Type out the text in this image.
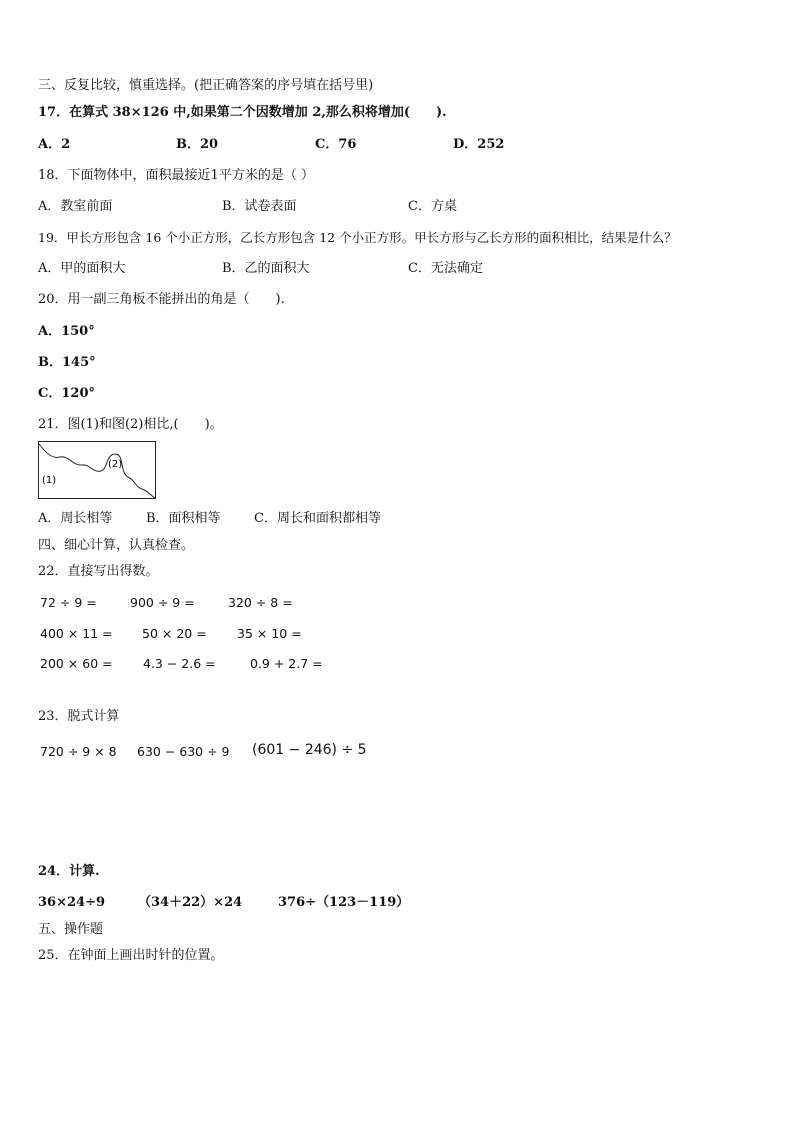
三、反复比较，慎重选择。(把正确答案的序号填在括号里)
17．在算式 38×126 中,如果第二个因数增加 2,那么积将增加(　　).
A．2	B．20	C．76	D．252
18．下面物体中，面积最接近1平方米的是（ ）
A．教室前面	B．试卷表面	C．方桌
19．甲长方形包含 16 个小正方形，乙长方形包含 12 个小正方形。甲长方形与乙长方形的面积相比，结果是什么？
A．甲的面积大	B．乙的面积大	C．无法确定
20．用一副三角板不能拼出的角是（　　).
A．150°
B．145°
C．120°
21．图(1)和图(2)相比,(　　)。
(1)
(2)
A．周长相等	B．面积相等	C．周长和面积都相等
四、细心计算，认真检查。
22．直接写出得数。
72 ÷ 9 =	900 ÷ 9 =	320 ÷ 8 =
400 × 11 = 50 × 20 = 35 × 10 =
200 × 60 = 4.3 − 2.6 =	0.9 + 2.7 =
23．脱式计算
720 ÷ 9 × 8 630 − 630 ÷ 9 (601 − 246) ÷ 5
24．计算.
36×24÷9	（34＋22）×24	376÷（123－119）
五、操作题
25．在钟面上画出时针的位置。
